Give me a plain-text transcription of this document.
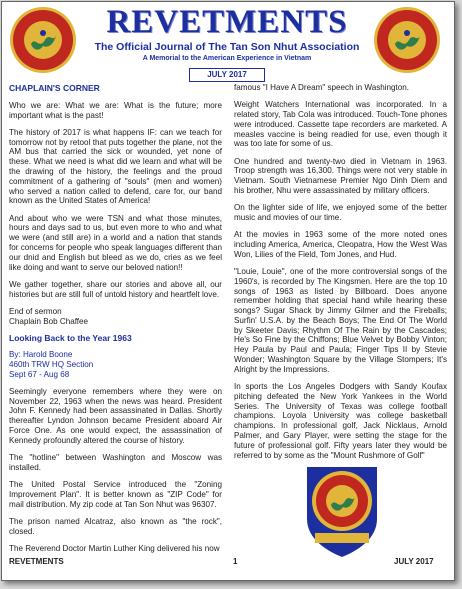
REVETMENTS
The Official Journal of The Tan Son Nhut Association
A Memorial to the American Experience in Vietnam
JULY 2017

CHAPLAIN'S CORNER

Who we are: What we are: What is the future; more important what is the past!

The history of 2017 is what happens IF: can we teach for tomorrow not by retool that puts together the plane, not the AM bus that carried the sick or wounded, yet none of these. What we need is what did we learn and what will be the drawing of the history, the feelings and the proud commitment of a gathering of "souls" (men and women) who served a nation called to defend, care for, our band known as the United States of America!

And about who we were TSN and what those minutes, hours and days sad to us, but even more to who and what we were (and still are) in a world and a nation that stands for concerns for people who speak languages different than our dnid and English but bleed as we do, cries as we feel like doing and want to serve our beloved nation!!

We gather together, share our stories and above all, our histories but are still full of untold history and heartfelt love.

End of sermon

Chaplain Bob Chaffee

Looking Back to the Year 1963

By: Harold Boone
460th TRW HQ Section
Sept 67 - Aug 68

Seemingly everyone remembers where they were on November 22, 1963 when the news was heard. President John F. Kennedy had been assassinated in Dallas. Shortly thereafter Lyndon Johnson became President aboard Air Force One. As one would expect, the assassination of Kennedy profoundly altered the course of history.

The "hotline" between Washington and Moscow was installed.

The United Postal Service introduced the "Zoning Improvement Plan". It is better known as "ZIP Code" for mail distribution. My zip code at Tan Son Nhut was 96307.

The prison named Alcatraz, also known as "the rock", closed.

The Reverend Doctor Martin Luther King delivered his now

famous "I Have A Dream" speech in Washington.

Weight Watchers International was incorporated. In a related story, Tab Cola was introduced. Touch-Tone phones were introduced. Cassette tape recorders are marketed. A measles vaccine is being readied for use, even though it was too late for some of us.

One hundred and twenty-two died in Vietnam in 1963. Troop strength was 16,300. Things were not very stable in Vietnam. South Vietnamese Premier Ngo Dinh Diem and his brother, Nhu were assassinated by military officers.

On the lighter side of life, we enjoyed some of the better music and movies of our time.

At the movies in 1963 some of the more noted ones including America, America, Cleopatra, How the West Was Won, Lilies of the Field, Tom Jones, and Hud.

"Louie, Louie", one of the more controversial songs of the 1960's, is recorded by The Kingsmen. Here are the top 10 songs of 1963 as listed by Billboard. Does anyone remember holding that special hand while hearing these songs? Sugar Shack by Jimmy Gilmer and the Fireballs; Surfin' U.S.A. by the Beach Boys; The End Of The World by Skeeter Davis; Rhythm Of The Rain by the Cascades; He's So Fine by the Chiffons; Blue Velvet by Bobby Vinton; Hey Paula by Paul and Paula; Finger Tips II by Stevie Wonder; Washington Square by the Village Stompers; It's Alright by the Impressions.

In sports the Los Angeles Dodgers with Sandy Koufax pitching defeated the New York Yankees in the World Series. The University of Texas was college football champions. Loyola University was college basketball champions. In professional golf, Jack Nicklaus, Arnold Palmer, and Gary Player, were setting the stage for the future of professional golf. Fifty years later they would be referred to by some as the "Mount Rushmore of Golf"

REVETMENTS	1	JULY 2017
